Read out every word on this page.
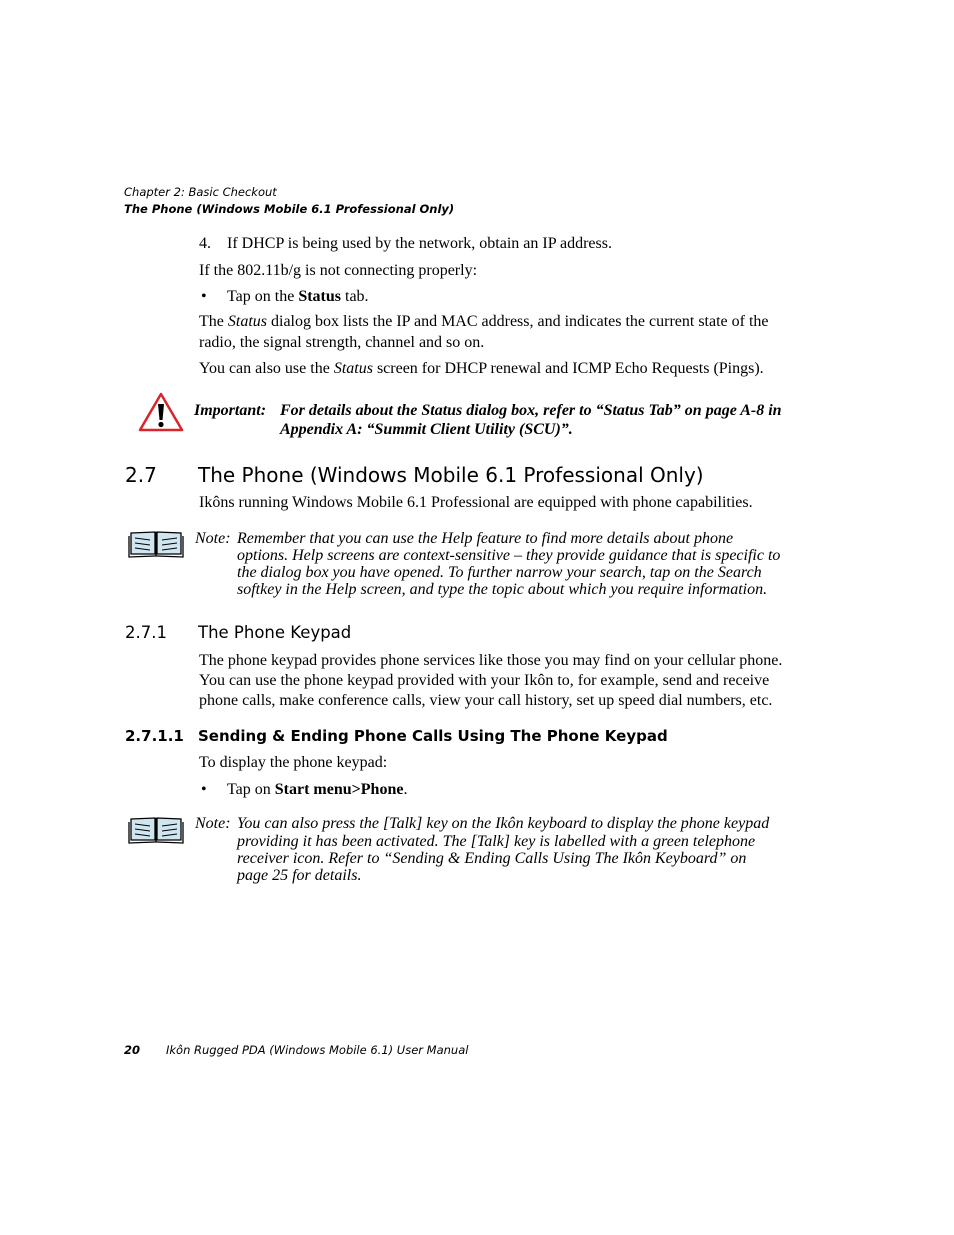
Chapter 2: Basic Checkout
The Phone (Windows Mobile 6.1 Professional Only)
4. If DHCP is being used by the network, obtain an IP address.
If the 802.11b/g is not connecting properly:
• Tap on the Status tab.
The Status dialog box lists the IP and MAC address, and indicates the current state of the
radio, the signal strength, channel and so on.
You can also use the Status screen for DHCP renewal and ICMP Echo Requests (Pings).
Important: For details about the Status dialog box, refer to “Status Tab” on page A-8 in
Appendix A: “Summit Client Utility (SCU)”.
2.7 The Phone (Windows Mobile 6.1 Professional Only)
Ikôns running Windows Mobile 6.1 Professional are equipped with phone capabilities.
Note: Remember that you can use the Help feature to find more details about phone
options. Help screens are context-sensitive – they provide guidance that is specific to
the dialog box you have opened. To further narrow your search, tap on the Search
softkey in the Help screen, and type the topic about which you require information.
2.7.1 The Phone Keypad
The phone keypad provides phone services like those you may find on your cellular phone.
You can use the phone keypad provided with your Ikôn to, for example, send and receive
phone calls, make conference calls, view your call history, set up speed dial numbers, etc.
2.7.1.1 Sending & Ending Phone Calls Using The Phone Keypad
To display the phone keypad:
• Tap on Start menu>Phone.
Note: You can also press the [Talk] key on the Ikôn keyboard to display the phone keypad
providing it has been activated. The [Talk] key is labelled with a green telephone
receiver icon. Refer to “Sending & Ending Calls Using The Ikôn Keyboard” on
page 25 for details.
20 Ikôn Rugged PDA (Windows Mobile 6.1) User Manual
